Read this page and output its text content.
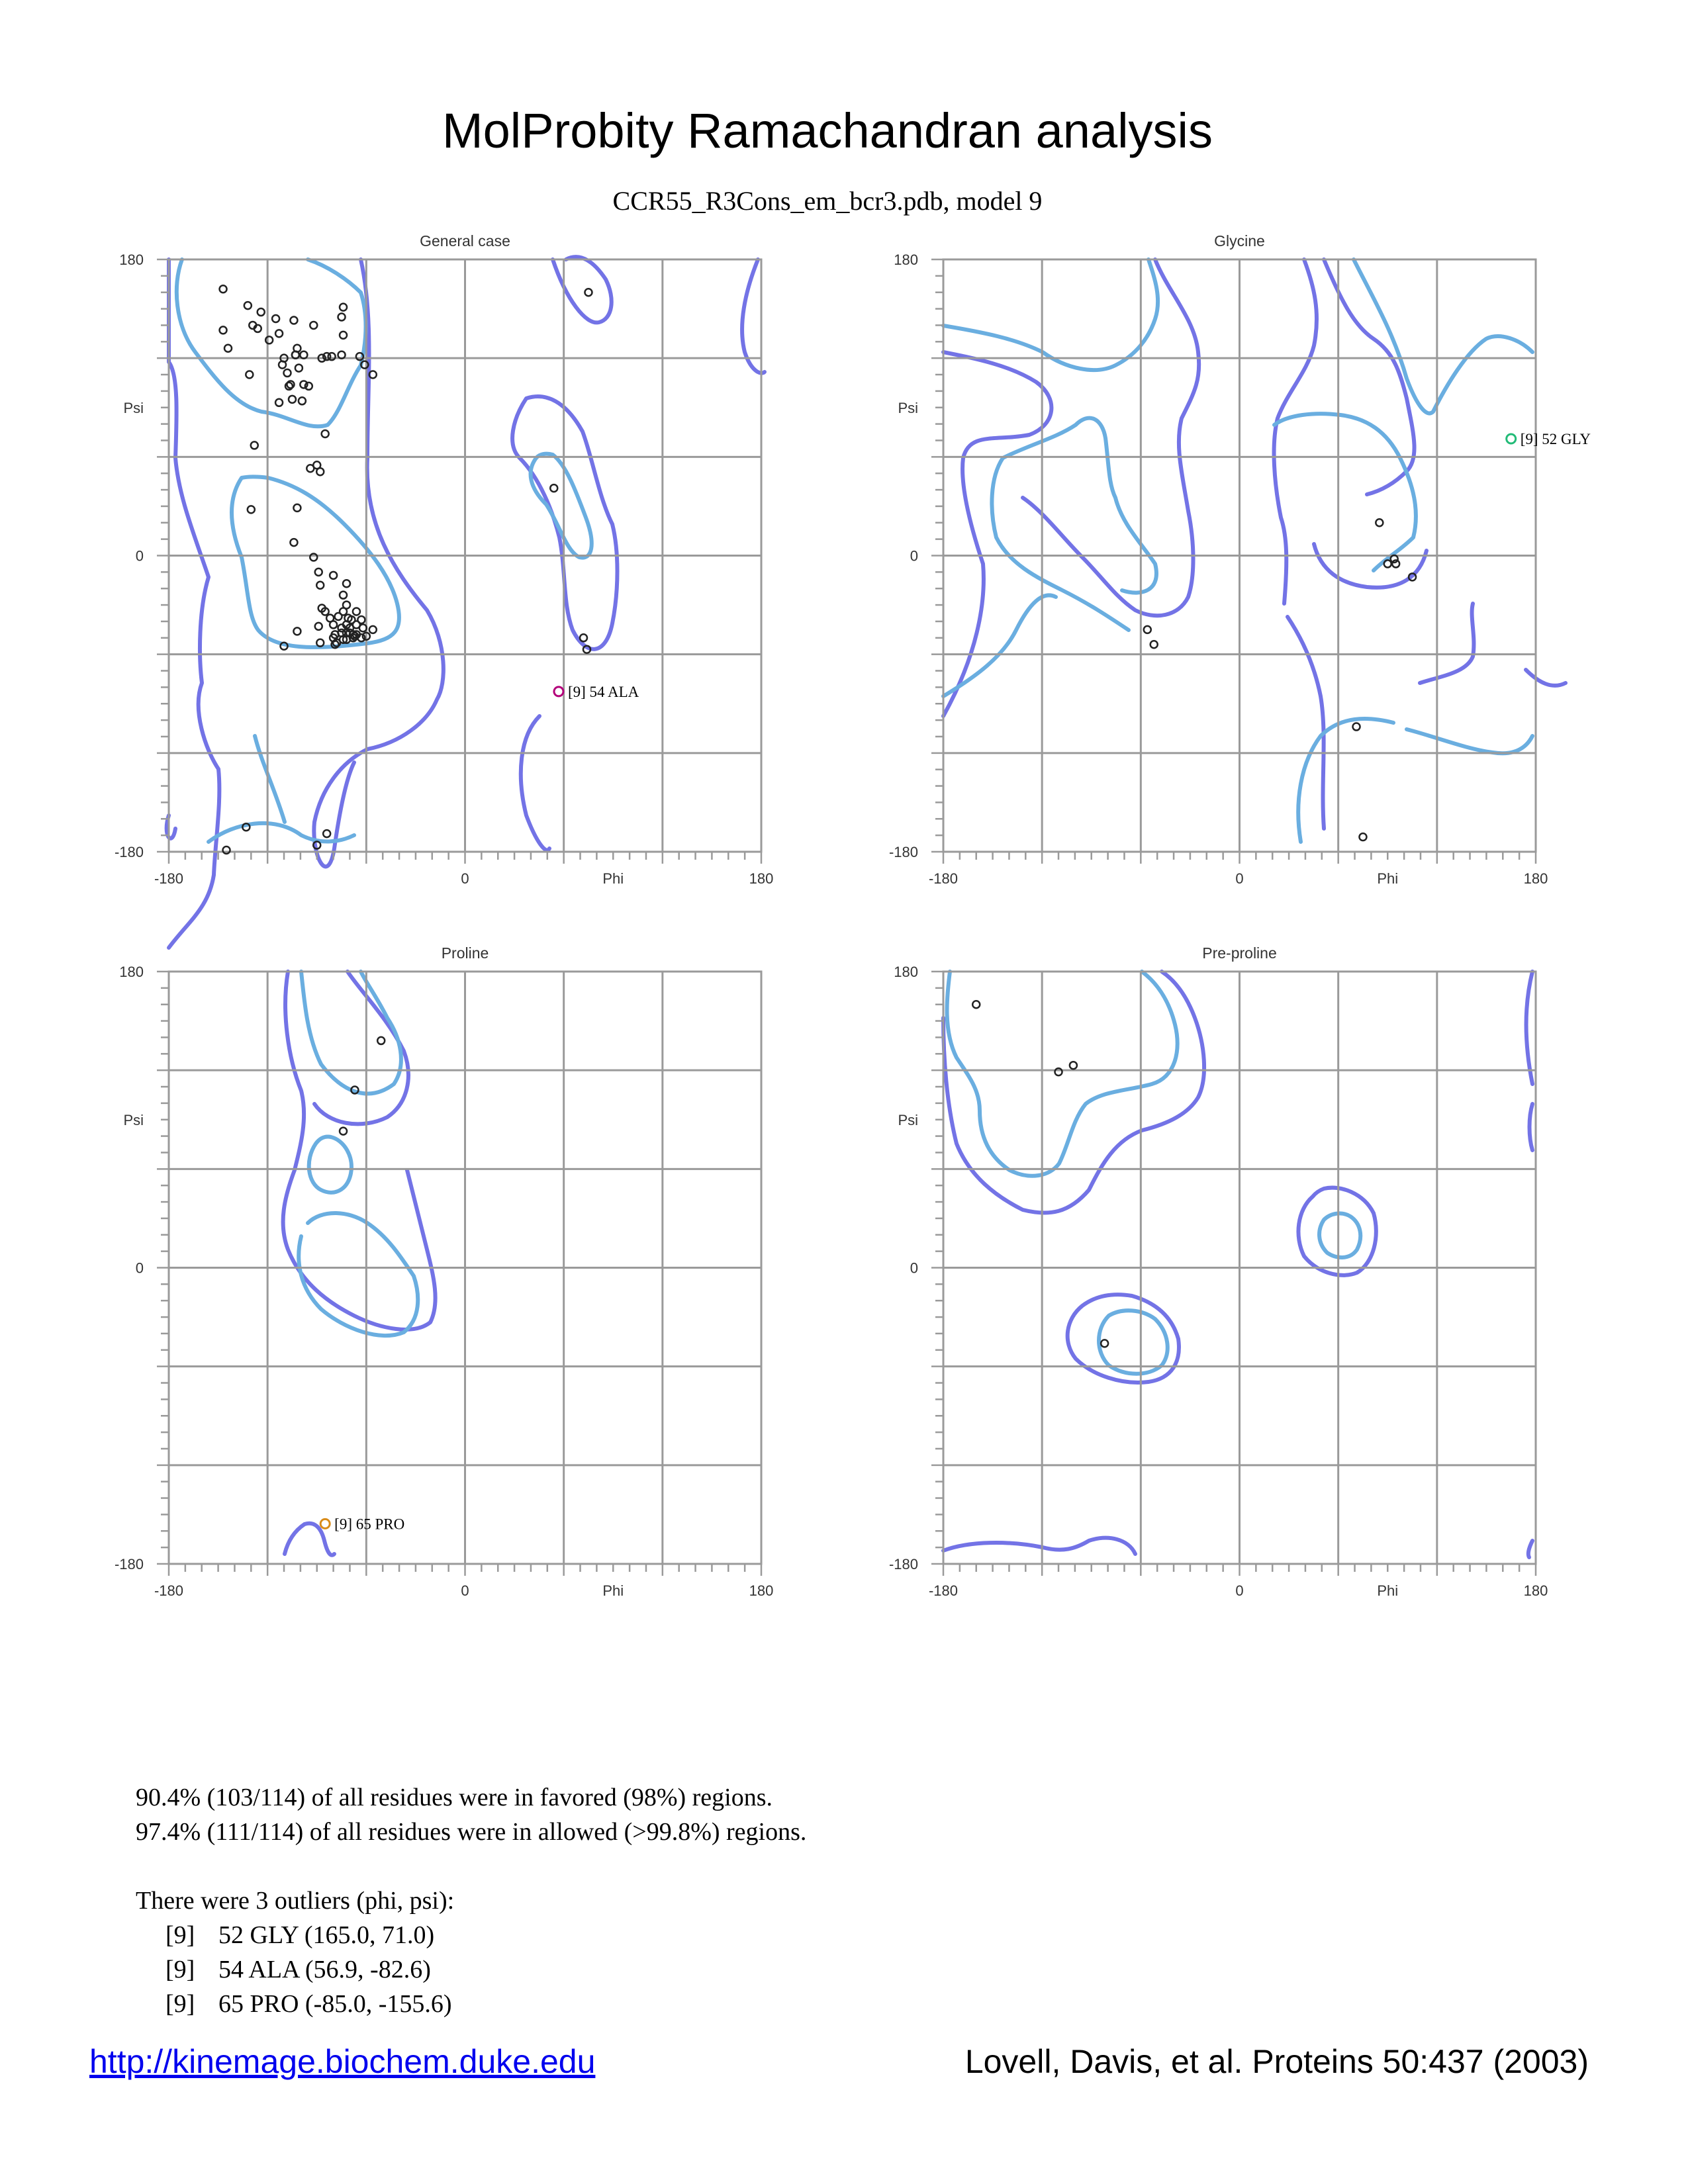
MolProbity Ramachandran analysis
CCR55_R3Cons_em_bcr3.pdb, model 9
General case
-180	0	Phi	180
180
Psi
0
-180
[9] 54 ALA
Glycine
-180	0	Phi	180
180
Psi
0
-180
[9] 52 GLY
Proline
-180	0	Phi	180
180
Psi
0
-180
[9] 65 PRO
Pre-proline
-180	0	Phi	180
180
Psi
0
-180
90.4% (103/114) of all residues were in favored (98%) regions.
97.4% (111/114) of all residues were in allowed (>99.8%) regions.
There were 3 outliers (phi, psi):
[9] 52 GLY (165.0, 71.0)
[9] 54 ALA (56.9, -82.6)
[9] 65 PRO (-85.0, -155.6)
http://kinemage.biochem.duke.edu	Lovell, Davis, et al. Proteins 50:437 (2003)
